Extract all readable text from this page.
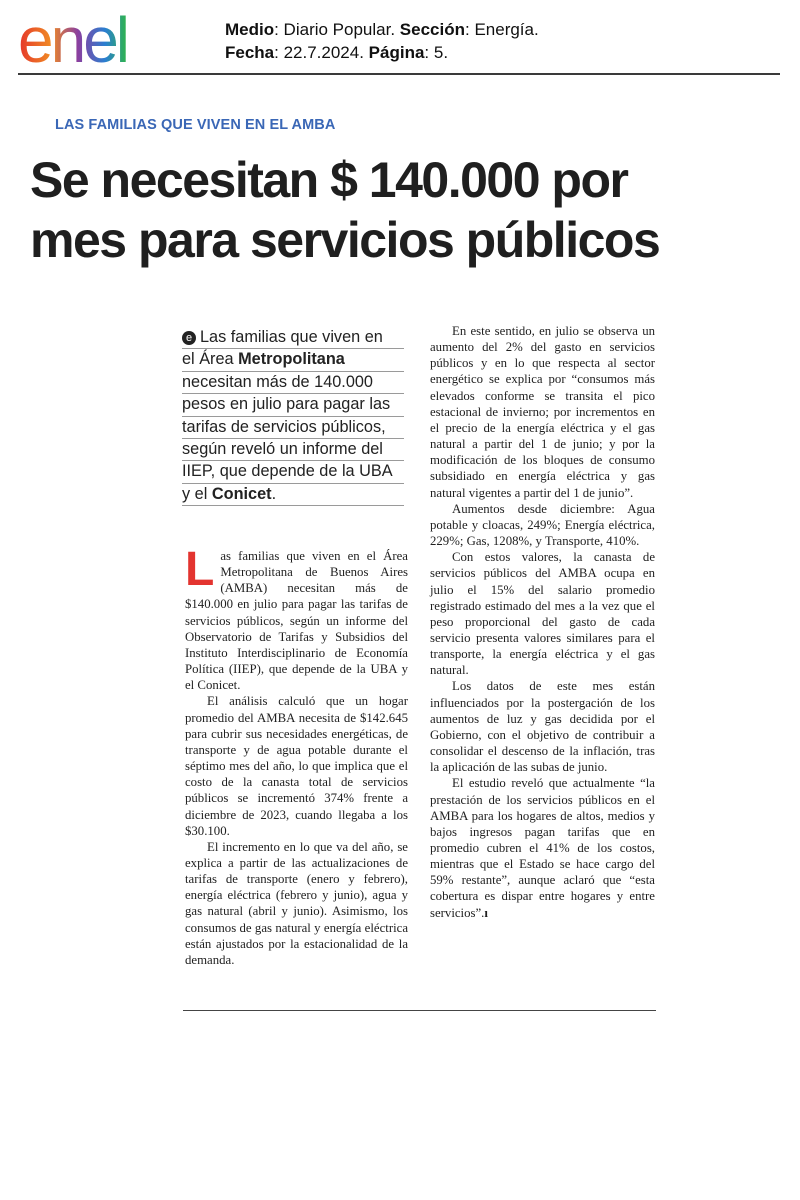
enel	Medio: Diario Popular. Sección: Energía.
Fecha: 22.7.2024. Página: 5.
LAS FAMILIAS QUE VIVEN EN EL AMBA
Se necesitan $ 140.000 por
mes para servicios públicos
e Las familias que viven en
el Área Metropolitana
necesitan más de 140.000
pesos en julio para pagar las
tarifas de servicios públicos,
según reveló un informe del
IIEP, que depende de la UBA
y el Conicet.

Las familias que viven en el Área Metropolitana de Buenos Aires (AMBA) necesitan más de $140.000 en julio para pagar las tarifas de servicios públicos, según un informe del Observatorio de Tarifas y Subsidios del Instituto Interdisciplinario de Economía Política (IIEP), que depende de la UBA y el Conicet.

El análisis calculó que un hogar promedio del AMBA necesita de $142.645 para cubrir sus necesidades energéticas, de transporte y de agua potable durante el séptimo mes del año, lo que implica que el costo de la canasta total de servicios públicos se incrementó 374% frente a diciembre de 2023, cuando llegaba a los $30.100.

El incremento en lo que va del año, se explica a partir de las actualizaciones de tarifas de transporte (enero y febrero), energía eléctrica (febrero y junio), agua y gas natural (abril y junio). Asimismo, los consumos de gas natural y energía eléctrica están ajustados por la estacionalidad de la demanda.

En este sentido, en julio se observa un aumento del 2% del gasto en servicios públicos y en lo que respecta al sector energético se explica por “consumos más elevados conforme se transita el pico estacional de invierno; por incrementos en el precio de la energía eléctrica y el gas natural a partir del 1 de junio; y por la modificación de los bloques de consumo subsidiado en energía eléctrica y gas natural vigentes a partir del 1 de junio”.

Aumentos desde diciembre: Agua potable y cloacas, 249%; Energía eléctrica, 229%; Gas, 1208%, y Transporte, 410%.

Con estos valores, la canasta de servicios públicos del AMBA ocupa en julio el 15% del salario promedio registrado estimado del mes a la vez que el peso proporcional del gasto de cada servicio presenta valores similares para el transporte, la energía eléctrica y el gas natural.

Los datos de este mes están influenciados por la postergación de los aumentos de luz y gas decidida por el Gobierno, con el objetivo de contribuir a consolidar el descenso de la inflación, tras la aplicación de las subas de junio.

El estudio reveló que actualmente “la prestación de los servicios públicos en el AMBA para los hogares de altos, medios y bajos ingresos pagan tarifas que en promedio cubren el 41% de los costos, mientras que el Estado se hace cargo del 59% restante”, aunque aclaró que “esta cobertura es dispar entre hogares y entre servicios”.ı
